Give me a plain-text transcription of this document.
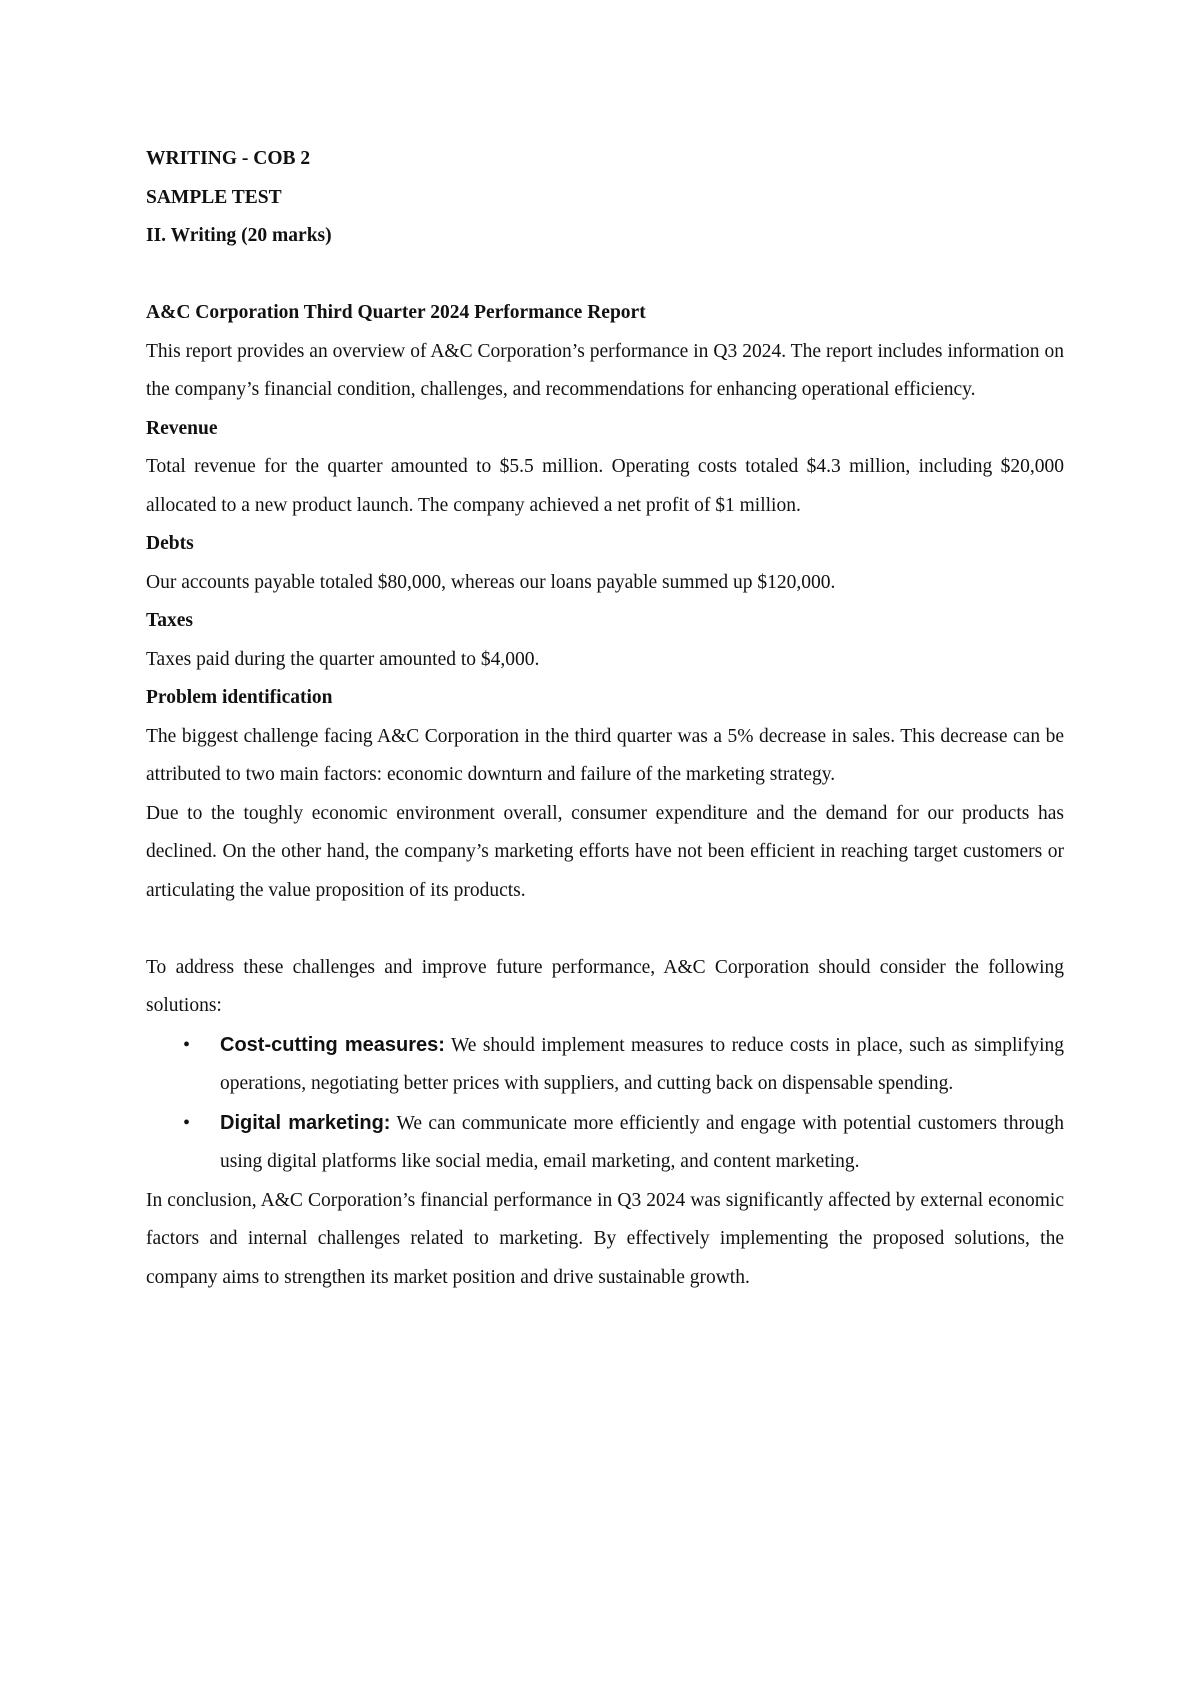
WRITING - COB 2

SAMPLE TEST

II. Writing (20 marks)

A&C Corporation Third Quarter 2024 Performance Report

This report provides an overview of A&C Corporation’s performance in Q3 2024. The report includes information on the company’s financial condition, challenges, and recommendations for enhancing operational efficiency.

Revenue

Total revenue for the quarter amounted to $5.5 million. Operating costs totaled $4.3 million, including $20,000 allocated to a new product launch. The company achieved a net profit of $1 million.

Debts

Our accounts payable totaled $80,000, whereas our loans payable summed up $120,000.

Taxes

Taxes paid during the quarter amounted to $4,000.

Problem identification

The biggest challenge facing A&C Corporation in the third quarter was a 5% decrease in sales. This decrease can be attributed to two main factors: economic downturn and failure of the marketing strategy.

Due to the toughly economic environment overall, consumer expenditure and the demand for our products has declined. On the other hand, the company’s marketing efforts have not been efficient in reaching target customers or articulating the value proposition of its products.

To address these challenges and improve future performance, A&C Corporation should consider the following solutions:

• Cost-cutting measures: We should implement measures to reduce costs in place, such as simplifying operations, negotiating better prices with suppliers, and cutting back on dispensable spending.
• Digital marketing: We can communicate more efficiently and engage with potential customers through using digital platforms like social media, email marketing, and content marketing.

In conclusion, A&C Corporation’s financial performance in Q3 2024 was significantly affected by external economic factors and internal challenges related to marketing. By effectively implementing the proposed solutions, the company aims to strengthen its market position and drive sustainable growth.
